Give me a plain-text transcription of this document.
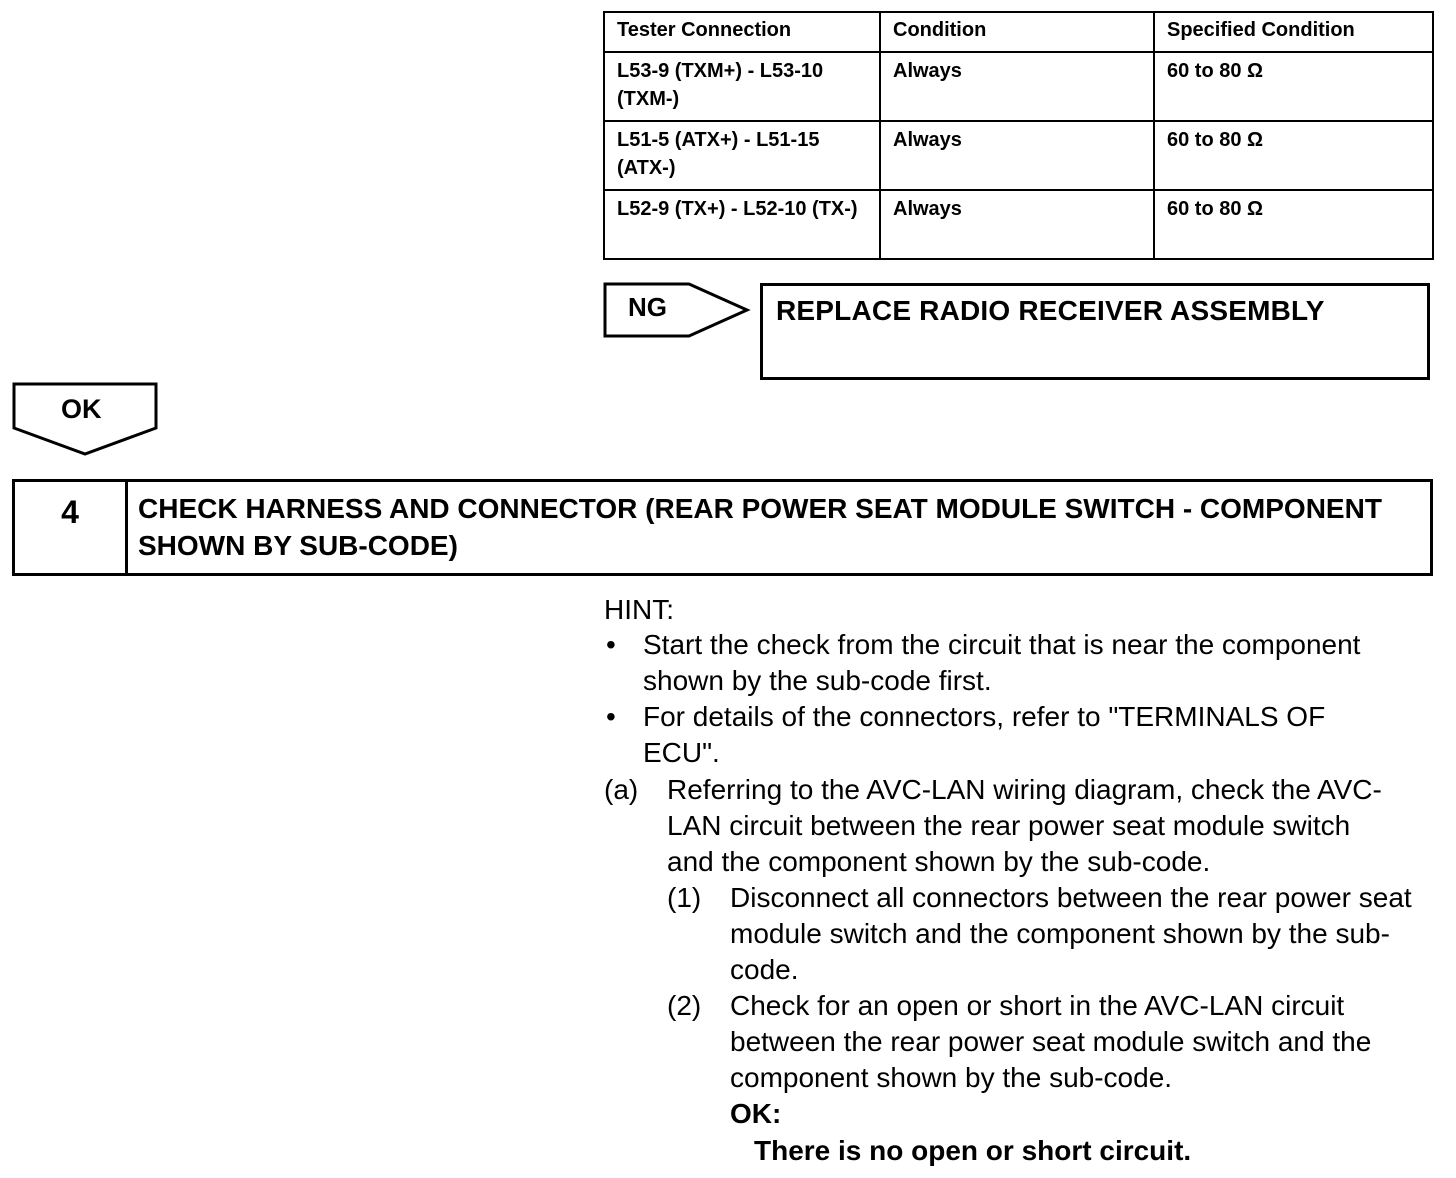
Tester Connection	Condition	Specified Condition
L53-9 (TXM+) - L53-10 (TXM-)	Always	60 to 80 Ω
L51-5 (ATX+) - L51-15 (ATX-)	Always	60 to 80 Ω
L52-9 (TX+) - L52-10 (TX-)	Always	60 to 80 Ω
NG	REPLACE RADIO RECEIVER ASSEMBLY
OK
4	CHECK HARNESS AND CONNECTOR (REAR POWER SEAT MODULE SWITCH - COMPONENT SHOWN BY SUB-CODE)
HINT:
• Start the check from the circuit that is near the component shown by the sub-code first.
• For details of the connectors, refer to "TERMINALS OF ECU".
(a) Referring to the AVC-LAN wiring diagram, check the AVC-LAN circuit between the rear power seat module switch and the component shown by the sub-code.
(1) Disconnect all connectors between the rear power seat module switch and the component shown by the sub-code.
(2) Check for an open or short in the AVC-LAN circuit between the rear power seat module switch and the component shown by the sub-code.
OK:
There is no open or short circuit.
